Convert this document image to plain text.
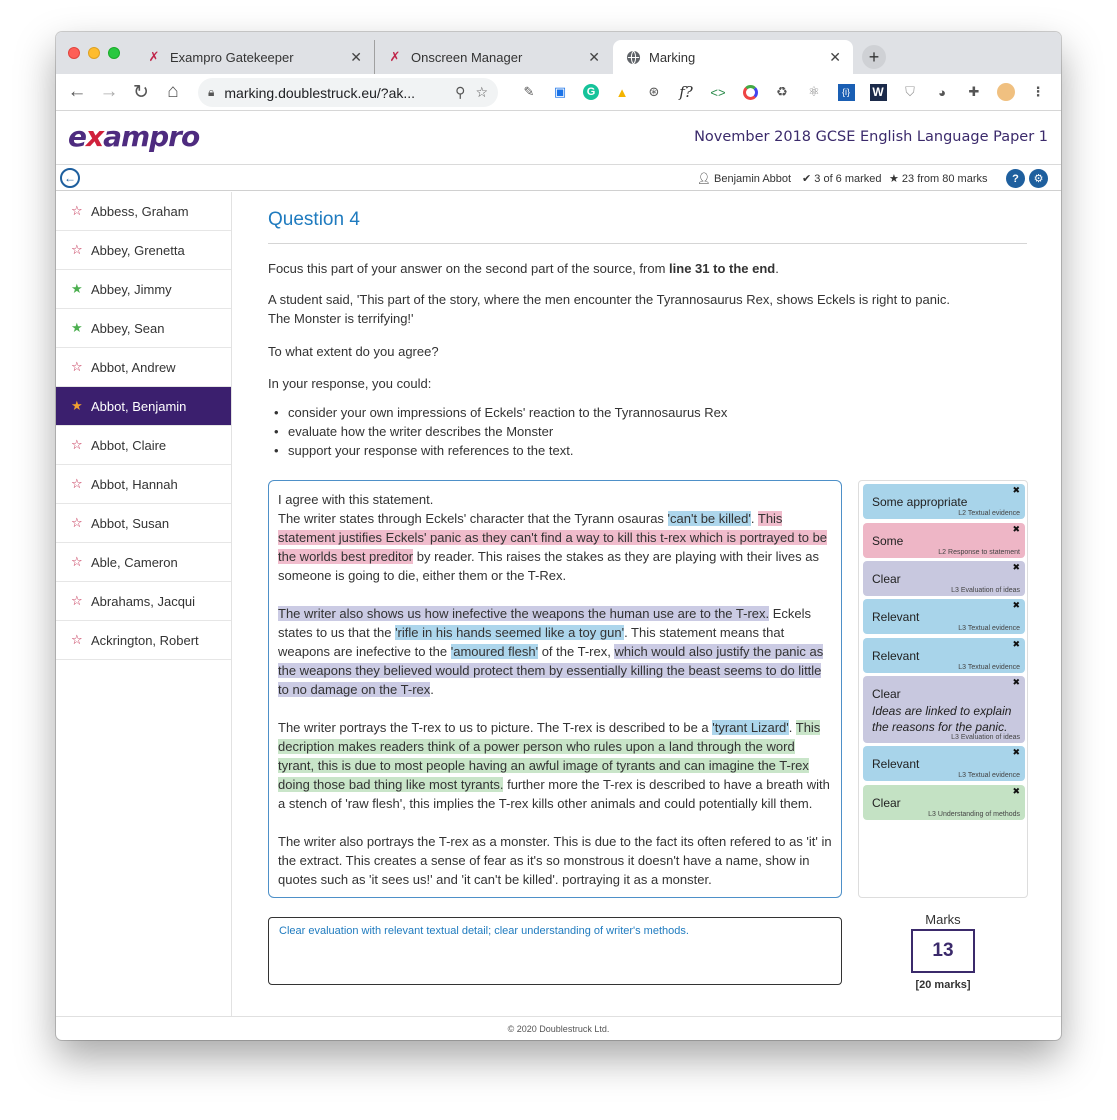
✗ Exampro Gatekeeper	✕ ✗ Onscreen Manager	✕	Marking	✕	+
← → ↻ ⌂	🔒︎ marking.doublestruck.eu/?ak...	⚲ ☆	✎	▣	G ▲	⊛	f? <>	♻	⚛	{i}	W	⛉	◕	✚	⋮
exampro	November 2018 GCSE English Language Paper 1
←	👤︎ Benjamin Abbot ✔ 3 of 6 marked ★ 23 from 80 marks	?	⚙
☆ Abbess, Graham
☆ Abbey, Grenetta
★ Abbey, Jimmy
★ Abbey, Sean
☆ Abbot, Andrew
★ Abbot, Benjamin
☆ Abbot, Claire
☆ Abbot, Hannah
☆ Abbot, Susan
☆ Able, Cameron
☆ Abrahams, Jacqui
☆ Ackrington, Robert
Question 4
Focus this part of your answer on the second part of the source, from line 31 to the end.
A student said, 'This part of the story, where the men encounter the Tyrannosaurus Rex, shows Eckels is right to panic.
The Monster is terrifying!'
To what extent do you agree?
In your response, you could:
• consider your own impressions of Eckels' reaction to the Tyrannosaurus Rex
• evaluate how the writer describes the Monster
• support your response with references to the text.

I agree with this statement.
The writer states through Eckels' character that the Tyrann osauras 'can't be killed'. This statement justifies Eckels' panic as they can't find a way to kill this t-rex which is portrayed to be the worlds best preditor by reader. This raises the stakes as they are playing with their lives as someone is going to die, either them or the T-Rex.

The writer also shows us how inefective the weapons the human use are to the T-rex. Eckels states to us that the 'rifle in his hands seemed like a toy gun'. This statement means that weapons are inefective to the 'amoured flesh' of the T-rex, which would also justify the panic as the weapons they believed would protect them by essentially killing the beast seems to do little to no damage on the T-rex.

The writer portrays the T-rex to us to picture. The T-rex is described to be a 'tyrant Lizard'. This decription makes readers think of a power person who rules upon a land through the word tyrant, this is due to most people having an awful image of tyrants and can imagine the T-rex doing those bad thing like most tyrants. further more the T-rex is described to have a breath with a stench of 'raw flesh', this implies the T-rex kills other animals and could potentially kill them.

The writer also portrays the T-rex as a monster. This is due to the fact its often refered to as 'it' in the extract. This creates a sense of fear as it's so monstrous it doesn't have a name, show in quotes such as 'it sees us!' and 'it can't be killed'. portraying it as a monster.

✖
Some appropriate
L2 Textual evidence
✖
Some
L2 Response to statement
✖
Clear
L3 Evaluation of ideas
✖
Relevant
L3 Textual evidence
✖
Relevant
L3 Textual evidence
✖
Clear
Ideas are linked to explain the reasons for the panic.
L3 Evaluation of ideas
✖
Relevant
L3 Textual evidence
✖
Clear
L3 Understanding of methods
Clear evaluation with relevant textual detail; clear understanding of writer's methods.
Marks
13
[20 marks]
© 2020 Doublestruck Ltd.
